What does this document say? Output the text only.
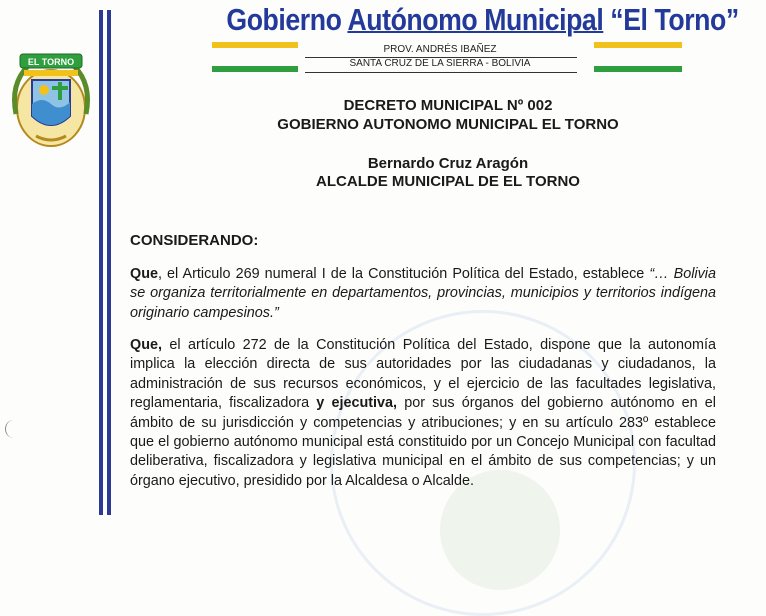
Gobierno Autónomo Municipal “El Torno”
PROV. ANDRÉS IBAÑEZ
SANTA CRUZ DE LA SIERRA - BOLIVIA
EL TORNO
DECRETO MUNICIPAL Nº 002
GOBIERNO AUTONOMO MUNICIPAL EL TORNO
Bernardo Cruz Aragón
ALCALDE MUNICIPAL DE EL TORNO
CONSIDERANDO:
Que, el Articulo 269 numeral I de la Constitución Política del Estado, establece “… Bolivia se organiza territorialmente en departamentos, provincias, municipios y territorios indígena originario campesinos.”
Que, el artículo 272 de la Constitución Política del Estado, dispone que la autonomía implica la elección directa de sus autoridades por las ciudadanas y ciudadanos, la administración de sus recursos económicos, y el ejercicio de las facultades legislativa, reglamentaria, fiscalizadora y ejecutiva, por sus órganos del gobierno autónomo en el ámbito de su jurisdicción y competencias y atribuciones; y en su artículo 283º establece que el gobierno autónomo municipal está constituido por un Concejo Municipal con facultad deliberativa, fiscalizadora y legislativa municipal en el ámbito de sus competencias; y un órgano ejecutivo, presidido por la Alcaldesa o Alcalde.
